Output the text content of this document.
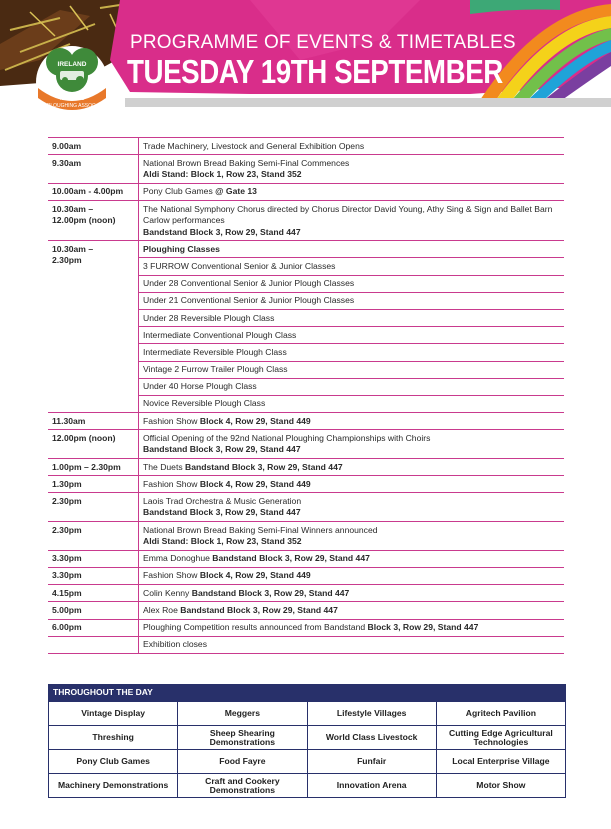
IRELAND
NATIONAL
PLOUGHING ASSOC.
PROGRAMME OF EVENTS & TIMETABLES
TUESDAY 19TH SEPTEMBER
9.00am	Trade Machinery, Livestock and General Exhibition Opens
9.30am	National Brown Bread Baking Semi-Final Commences
Aldi Stand: Block 1, Row 23, Stand 352

10.00am - 4.00pm	Pony Club Games @ Gate 13
10.30am –
12.00pm (noon)	The National Symphony Chorus directed by Chorus Director David Young, Athy Sing & Sign and Ballet Barn Carlow performances
Bandstand Block 3, Row 29, Stand 447

10.30am –
2.30pm	Ploughing Classes
	3 FURROW Conventional Senior & Junior Classes
	Under 28 Conventional Senior & Junior Plough Classes
	Under 21 Conventional Senior & Junior Plough Classes
	Under 28 Reversible Plough Class
	Intermediate Conventional Plough Class
	Intermediate Reversible Plough Class
	Vintage 2 Furrow Trailer Plough Class
	Under 40 Horse Plough Class
	Novice Reversible Plough Class
11.30am	Fashion Show Block 4, Row 29, Stand 449
12.00pm (noon)	Official Opening of the 92nd National Ploughing Championships with Choirs
Bandstand Block 3, Row 29, Stand 447

1.00pm – 2.30pm	The Duets Bandstand Block 3, Row 29, Stand 447
1.30pm	Fashion Show Block 4, Row 29, Stand 449
2.30pm	Laois Trad Orchestra & Music Generation
Bandstand Block 3, Row 29, Stand 447

2.30pm	National Brown Bread Baking Semi-Final Winners announced
Aldi Stand: Block 1, Row 23, Stand 352

3.30pm	Emma Donoghue Bandstand Block 3, Row 29, Stand 447
3.30pm	Fashion Show Block 4, Row 29, Stand 449
4.15pm	Colin Kenny Bandstand Block 3, Row 29, Stand 447
5.00pm	Alex Roe Bandstand Block 3, Row 29, Stand 447
6.00pm	Ploughing Competition results announced from Bandstand Block 3, Row 29, Stand 447
	Exhibition closes
THROUGHOUT THE DAY
Vintage Display	Meggers	Lifestyle Villages	Agritech Pavilion
Threshing	Sheep Shearing Demonstrations	World Class Livestock	Cutting Edge Agricultural Technologies
Pony Club Games	Food Fayre	Funfair	Local Enterprise Village
Machinery Demonstrations	Craft and Cookery Demonstrations	Innovation Arena	Motor Show
